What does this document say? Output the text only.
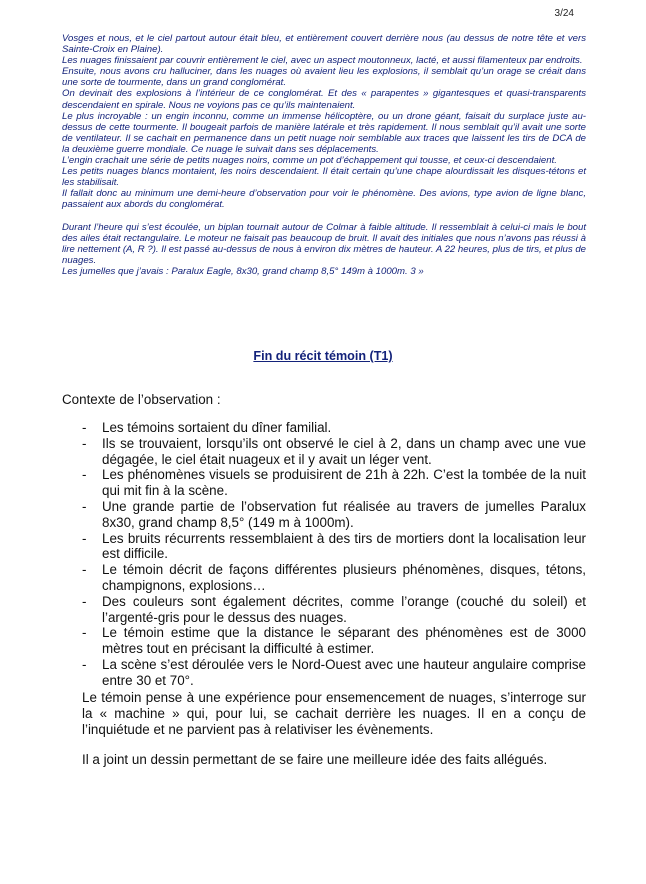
3/24

Vosges et nous, et le ciel partout autour était bleu, et entièrement couvert derrière nous (au dessus de notre tête et vers Sainte-Croix en Plaine).

Les nuages finissaient par couvrir entièrement le ciel, avec un aspect moutonneux, lacté, et aussi filamenteux par endroits.

Ensuite, nous avons cru halluciner, dans les nuages où avaient lieu les explosions, il semblait qu’un orage se créait dans une sorte de tourmente, dans un grand conglomérat.

On devinait des explosions à l’intérieur de ce conglomérat. Et des « parapentes » gigantesques et quasi-transparents descendaient en spirale. Nous ne voyions pas ce qu’ils maintenaient.

Le plus incroyable : un engin inconnu, comme un immense hélicoptère, ou un drone géant, faisait du surplace juste au-dessus de cette tourmente. Il bougeait parfois de manière latérale et très rapidement. Il nous semblait qu’il avait une sorte de ventilateur. Il se cachait en permanence dans un petit nuage noir semblable aux traces que laissent les tirs de DCA de la deuxième guerre mondiale. Ce nuage le suivait dans ses déplacements.

L’engin crachait une série de petits nuages noirs, comme un pot d’échappement qui tousse, et ceux-ci descendaient.

Les petits nuages blancs montaient, les noirs descendaient. Il était certain qu’une chape alourdissait les disques-tétons et les stabilisait.

Il fallait donc au minimum une demi-heure d’observation pour voir le phénomène. Des avions, type avion de ligne blanc, passaient aux abords du conglomérat.

Durant l’heure qui s’est écoulée, un biplan tournait autour de Colmar à faible altitude. Il ressemblait à celui-ci mais le bout des ailes était rectangulaire. Le moteur ne faisait pas beaucoup de bruit. Il avait des initiales que nous n’avons pas réussi à lire nettement (A, R ?). Il est passé au-dessus de nous à environ dix mètres de hauteur. A 22 heures, plus de tirs, et plus de nuages.

Les jumelles que j’avais : Paralux Eagle, 8x30, grand champ 8,5° 149m à 1000m. 3 »

Fin du récit témoin (T1)
Contexte de l’observation :
- Les témoins sortaient du dîner familial.
- Ils se trouvaient, lorsqu’ils ont observé le ciel à 2, dans un champ avec une vue dégagée, le ciel était nuageux et il y avait un léger vent.
- Les phénomènes visuels se produisirent de 21h à 22h. C’est la tombée de la nuit qui mit fin à la scène.
- Une grande partie de l’observation fut réalisée au travers de jumelles Paralux 8x30, grand champ 8,5° (149 m à 1000m).
- Les bruits récurrents ressemblaient à des tirs de mortiers dont la localisation leur est difficile.
- Le témoin décrit de façons différentes plusieurs phénomènes, disques, tétons, champignons, explosions…
- Des couleurs sont également décrites, comme l’orange (couché du soleil) et l’argenté-gris pour le dessus des nuages.
- Le témoin estime que la distance le séparant des phénomènes est de 3000 mètres tout en précisant la difficulté à estimer.
- La scène s’est déroulée vers le Nord-Ouest avec une hauteur angulaire comprise entre 30 et 70°.

Le témoin pense à une expérience pour ensemencement de nuages, s’interroge sur la « machine » qui, pour lui, se cachait derrière les nuages. Il en a conçu de l’inquiétude et ne parvient pas à relativiser les évènements.

Il a joint un dessin permettant de se faire une meilleure idée des faits allégués.
